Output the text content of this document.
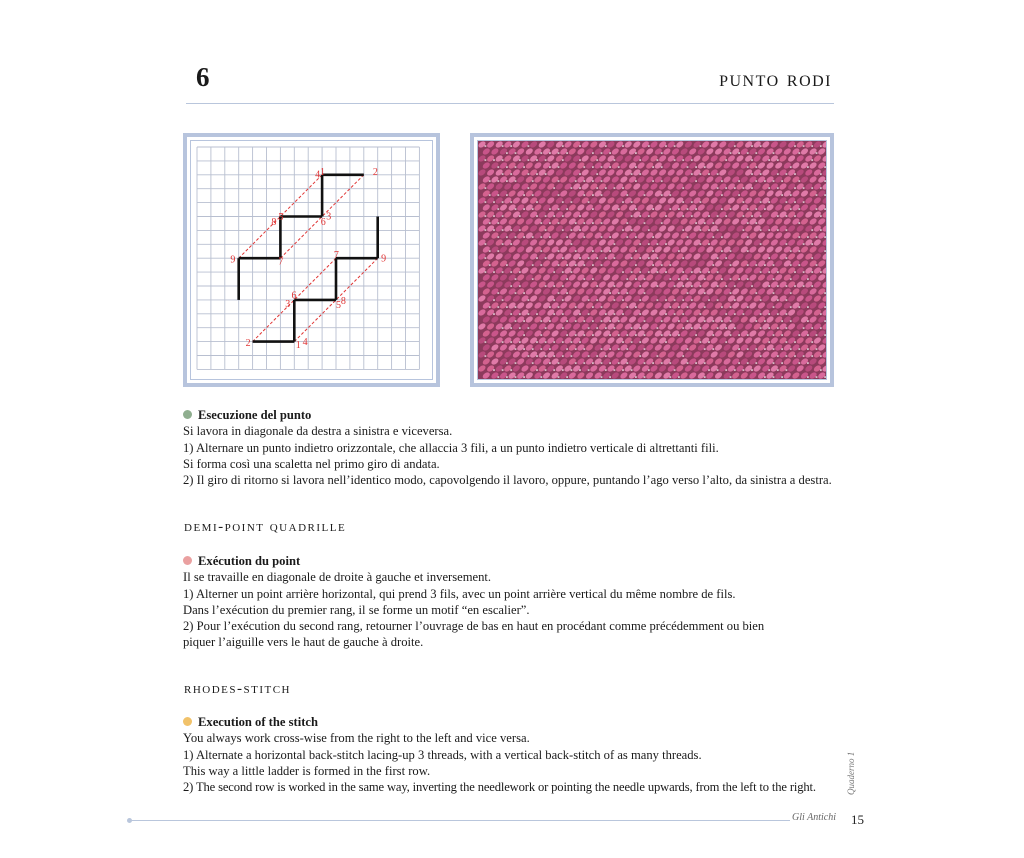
6	punto rodi
2	1 4
3
6
5 8
7	9
9	7
8 5	6
3
1
4	2
Esecuzione del punto
Si lavora in diagonale da destra a sinistra e viceversa.
1) Alternare un punto indietro orizzontale, che allaccia 3 fili, a un punto indietro verticale di altrettanti fili.
Si forma così una scaletta nel primo giro di andata.
2) Il giro di ritorno si lavora nell’identico modo, capovolgendo il lavoro, oppure, puntando l’ago verso l’alto, da sinistra a destra.
demi-point quadrille
Exécution du point
Il se travaille en diagonale de droite à gauche et inversement.
1) Alterner un point arrière horizontal, qui prend 3 fils, avec un point arrière vertical du même nombre de fils.
Dans l’exécution du premier rang, il se forme un motif “en escalier”.
2) Pour l’exécution du second rang, retourner l’ouvrage de bas en haut en procédant comme précédemment ou bien
piquer l’aiguille vers le haut de gauche à droite.
rhodes-stitch
Execution of the stitch
You always work cross-wise from the right to the left and vice versa.
1) Alternate a horizontal back-stitch lacing-up 3 threads, with a vertical back-stitch of as many threads.
This way a little ladder is formed in the first row.
2) The second row is worked in the same way, inverting the needlework or pointing the needle upwards, from the left to the right.	Quaderno 1
Gli Antichi 15
